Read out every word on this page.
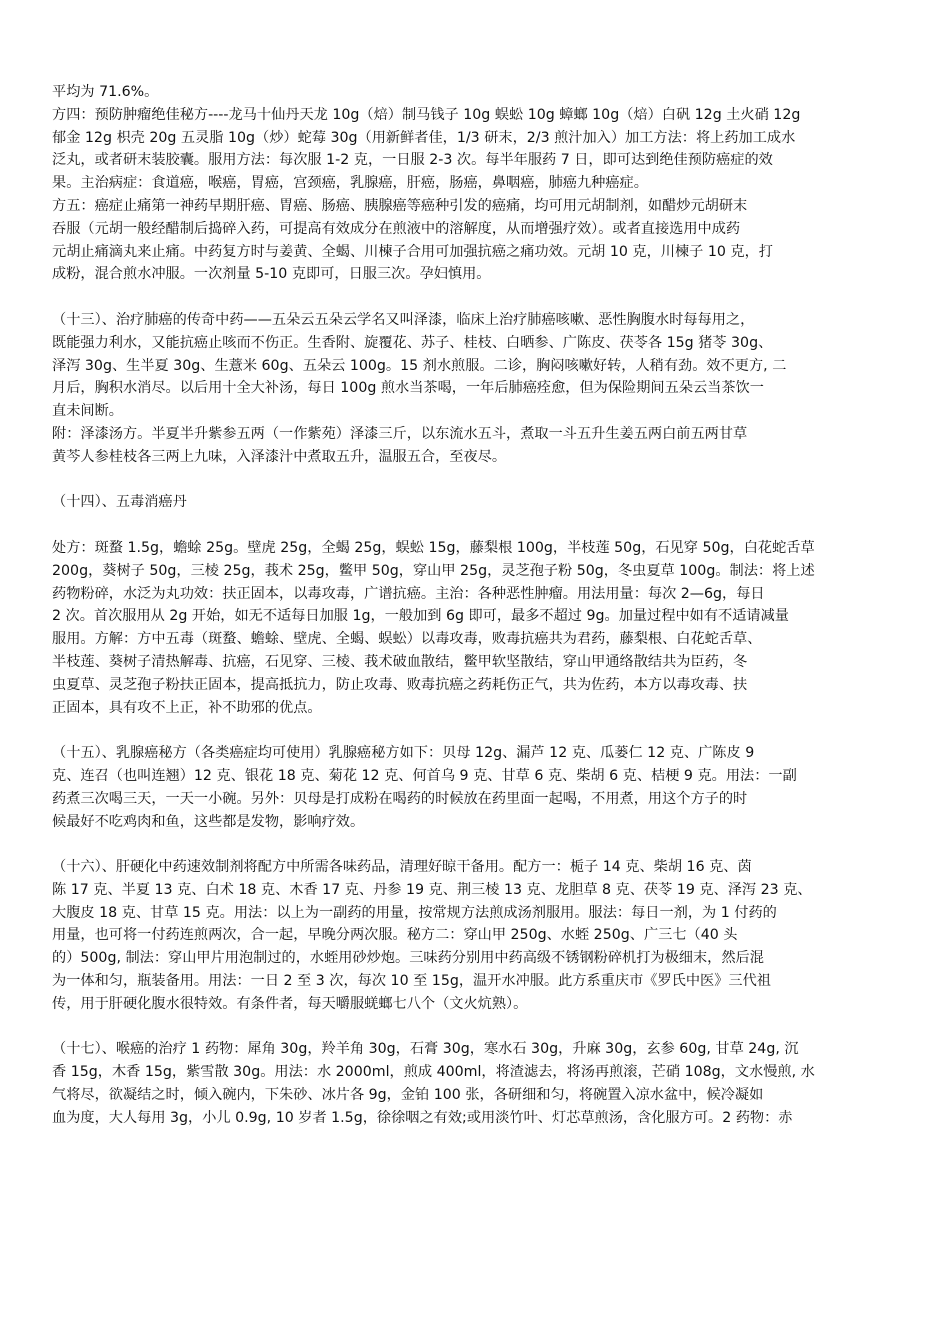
平均为 71.6%。
方四：预防肿瘤绝佳秘方----龙马十仙丹天龙 10g（焙）制马钱子 10g 蜈蚣 10g 蟑螂 10g（焙）白矾 12g 土火硝 12g
郁金 12g 枳壳 20g 五灵脂 10g（炒）蛇莓 30g（用新鲜者佳，1/3 研末，2/3 煎汁加入）加工方法：将上药加工成水
泛丸，或者研末装胶囊。服用方法：每次服 1-2 克，一日服 2-3 次。每半年服药 7 日，即可达到绝佳预防癌症的效
果。主治病症：食道癌，喉癌，胃癌，宫颈癌，乳腺癌，肝癌，肠癌，鼻咽癌，肺癌九种癌症。
方五：癌症止痛第一神药早期肝癌、胃癌、肠癌、胰腺癌等癌种引发的癌痛，均可用元胡制剂，如醋炒元胡研末
吞服（元胡一般经醋制后捣碎入药，可提高有效成分在煎液中的溶解度，从而增强疗效）。或者直接选用中成药
元胡止痛滴丸来止痛。中药复方时与姜黄、全蝎、川楝子合用可加强抗癌之痛功效。元胡 10 克，川楝子 10 克，打
成粉，混合煎水冲服。一次剂量 5-10 克即可，日服三次。孕妇慎用。
（十三）、治疗肺癌的传奇中药——五朵云五朵云学名又叫泽漆，临床上治疗肺癌咳嗽、恶性胸腹水时每每用之，
既能强力利水，又能抗癌止咳而不伤正。生香附、旋覆花、苏子、桂枝、白晒参、广陈皮、茯苓各 15g 猪苓 30g、
泽泻 30g、生半夏 30g、生薏米 60g、五朵云 100g。15 剂水煎服。二诊，胸闷咳嗽好转，人稍有劲。效不更方, 二
月后，胸积水消尽。以后用十全大补汤，每日 100g 煎水当茶喝，一年后肺癌痊愈，但为保险期间五朵云当茶饮一
直未间断。
附：泽漆汤方。半夏半升紫参五两（一作紫苑）泽漆三斤，以东流水五斗，煮取一斗五升生姜五两白前五两甘草
黄芩人参桂枝各三两上九味，入泽漆汁中煮取五升，温服五合，至夜尽。
（十四）、五毒消癌丹
处方：斑蝥 1.5g，蟾蜍 25g。壁虎 25g，全蝎 25g，蜈蚣 15g，藤梨根 100g，半枝莲 50g，石见穿 50g，白花蛇舌草
200g，葵树子 50g，三棱 25g，莪术 25g，鳖甲 50g，穿山甲 25g，灵芝孢子粉 50g，冬虫夏草 100g。制法：将上述
药物粉碎，水泛为丸功效：扶正固本，以毒攻毒，广谱抗癌。主治：各种恶性肿瘤。用法用量：每次 2—6g，每日
2 次。首次服用从 2g 开始，如无不适每日加服 1g，一般加到 6g 即可，最多不超过 9g。加量过程中如有不适请减量
服用。方解：方中五毒（斑蝥、蟾蜍、壁虎、全蝎、蜈蚣）以毒攻毒，败毒抗癌共为君药，藤梨根、白花蛇舌草、
半枝莲、葵树子清热解毒、抗癌，石见穿、三棱、莪术破血散结，鳖甲软坚散结，穿山甲通络散结共为臣药，冬
虫夏草、灵芝孢子粉扶正固本，提高抵抗力，防止攻毒、败毒抗癌之药耗伤正气，共为佐药，本方以毒攻毒、扶
正固本，具有攻不上正，补不助邪的优点。
（十五）、乳腺癌秘方（各类癌症均可使用）乳腺癌秘方如下：贝母 12g、漏芦 12 克、瓜蒌仁 12 克、广陈皮 9
克、连召（也叫连翘）12 克、银花 18 克、菊花 12 克、何首乌 9 克、甘草 6 克、柴胡 6 克、桔梗 9 克。用法：一副
药煮三次喝三天，一天一小碗。另外：贝母是打成粉在喝药的时候放在药里面一起喝，不用煮，用这个方子的时
候最好不吃鸡肉和鱼，这些都是发物，影响疗效。
（十六）、肝硬化中药速效制剂将配方中所需各味药品，清理好晾干备用。配方一：栀子 14 克、柴胡 16 克、茵
陈 17 克、半夏 13 克、白术 18 克、木香 17 克、丹参 19 克、荆三棱 13 克、龙胆草 8 克、茯苓 19 克、泽泻 23 克、
大腹皮 18 克、甘草 15 克。用法：以上为一副药的用量，按常规方法煎成汤剂服用。服法：每日一剂，为 1 付药的
用量，也可将一付药连煎两次，合一起，早晚分两次服。秘方二：穿山甲 250g、水蛭 250g、广三七（40 头
的）500g, 制法：穿山甲片用泡制过的，水蛭用砂炒炮。三味药分别用中药高级不锈钢粉碎机打为极细末，然后混
为一体和匀，瓶装备用。用法：一日 2 至 3 次，每次 10 至 15g，温开水冲服。此方系重庆市《罗氏中医》三代祖
传，用于肝硬化腹水很特效。有条件者，每天嚼服蜣螂七八个（文火炕熟）。
（十七）、喉癌的治疗 1 药物：犀角 30g，羚羊角 30g，石膏 30g，寒水石 30g，升麻 30g，玄参 60g, 甘草 24g, 沉
香 15g，木香 15g，紫雪散 30g。用法：水 2000ml，煎成 400ml，将渣滤去，将汤再煎滚，芒硝 108g，文水慢煎, 水
气将尽，欲凝结之时，倾入碗内，下朱砂、冰片各 9g，金铂 100 张，各研细和匀，将碗置入凉水盆中，候冷凝如
血为度，大人每用 3g，小儿 0.9g, 10 岁者 1.5g，徐徐咽之有效;或用淡竹叶、灯芯草煎汤，含化服方可。2 药物：赤
